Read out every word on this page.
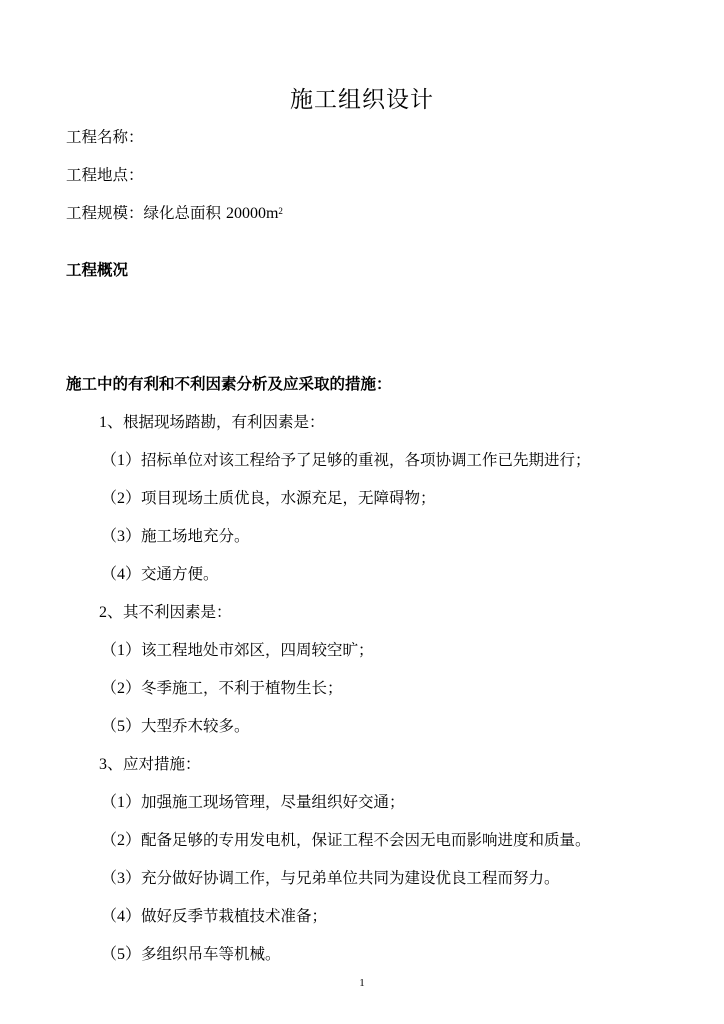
施工组织设计
工程名称：
工程地点：
工程规模：绿化总面积 $20000m^2$
工程概况
施工中的有利和不利因素分析及应采取的措施：
1、根据现场踏勘，有利因素是：
（1）招标单位对该工程给予了足够的重视，各项协调工作已先期进行；
（2）项目现场土质优良，水源充足，无障碍物；
（3）施工场地充分。
（4）交通方便。
2、其不利因素是：
（1）该工程地处市郊区，四周较空旷；
（2）冬季施工，不利于植物生长；
（5）大型乔木较多。
3、应对措施：
（1）加强施工现场管理，尽量组织好交通；
（2）配备足够的专用发电机，保证工程不会因无电而影响进度和质量。
（3）充分做好协调工作，与兄弟单位共同为建设优良工程而努力。
（4）做好反季节栽植技术准备；
（5）多组织吊车等机械。
1
